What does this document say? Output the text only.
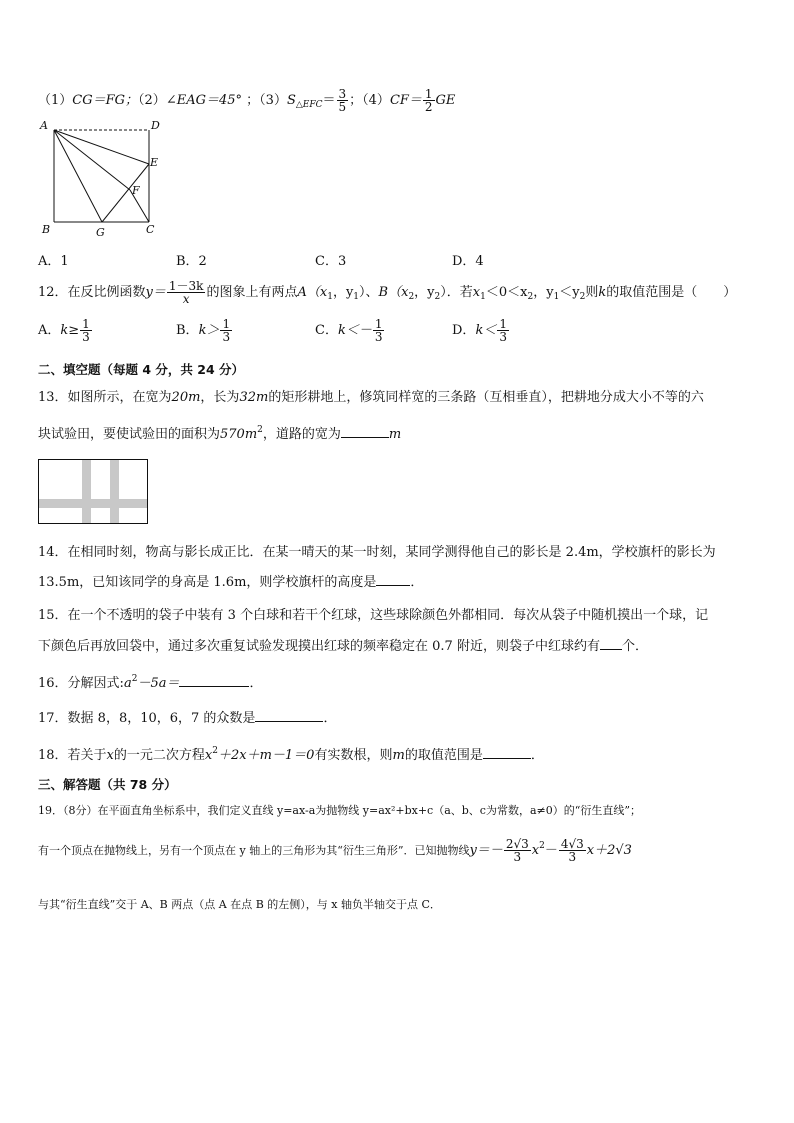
（1）CG＝FG；（2）∠EAG＝45° ；$(3)S_{\triangle EFC}= \frac{3}{5}$ ；$(4)CF= \frac{1}{2}$ GE
A	D
E
F
B	G	C
A．1	B．2	C．3	D．4
12．在反比例函数$y= \frac{1-3k}{x}$ 的图象上有两点$A(x_1$，$y_1$）、$B(x_2$，$y_2$）．若$x_1<0<x_2$，$y_1<y_2$则k的取值范围是（　　）
A．$k\ge \frac{1}{3}$	B．$k> \frac{1}{3}$	C．$k<- \frac{1}{3}$	D．$k< \frac{1}{3}$
二、填空题（每题 4 分，共 24 分）
13．如图所示，在宽为20m，长为32m的矩形耕地上，修筑同样宽的三条路（互相垂直），把耕地分成大小不等的六
块试验田，要使试验田的面积为$570m^2$，道路的宽为	m
14．在相同时刻，物高与影长成正比．在某一晴天的某一时刻，某同学测得他自己的影长是 2.4m，学校旗杆的影长为
13.5m，已知该同学的身高是 1.6m，则学校旗杆的高度是	．
15．在一个不透明的袋子中装有 3 个白球和若干个红球，这些球除颜色外都相同．每次从袋子中随机摸出一个球，记
下颜色后再放回袋中，通过多次重复试验发现摸出红球的频率稳定在 0.7 附近，则袋子中红球约有 个．
16．分解因式$:a^2-5a=$	．
17．数据 8，8，10，6，7 的众数是	．
18．若关于x的一元二次方程$x^2+2x+m-1=0$有实数根，则m的取值范围是	．
三、解答题（共 78 分）
19．（8分）在平面直角坐标系中，我们定义直线 y=ax-a为抛物线 y=ax²+bx+c（a、b、c为常数，a≠0）的“衍生直线”；
有一个顶点在抛物线上，另有一个顶点在 y 轴上的三角形为其“衍生三角形”．已知抛物线$y=- \frac{2√3}{3} x^2- \frac{4√3}{3} x+2√3$
与其“衍生直线”交于 A、B 两点（点 A 在点 B 的左侧），与 x 轴负半轴交于点 C．
